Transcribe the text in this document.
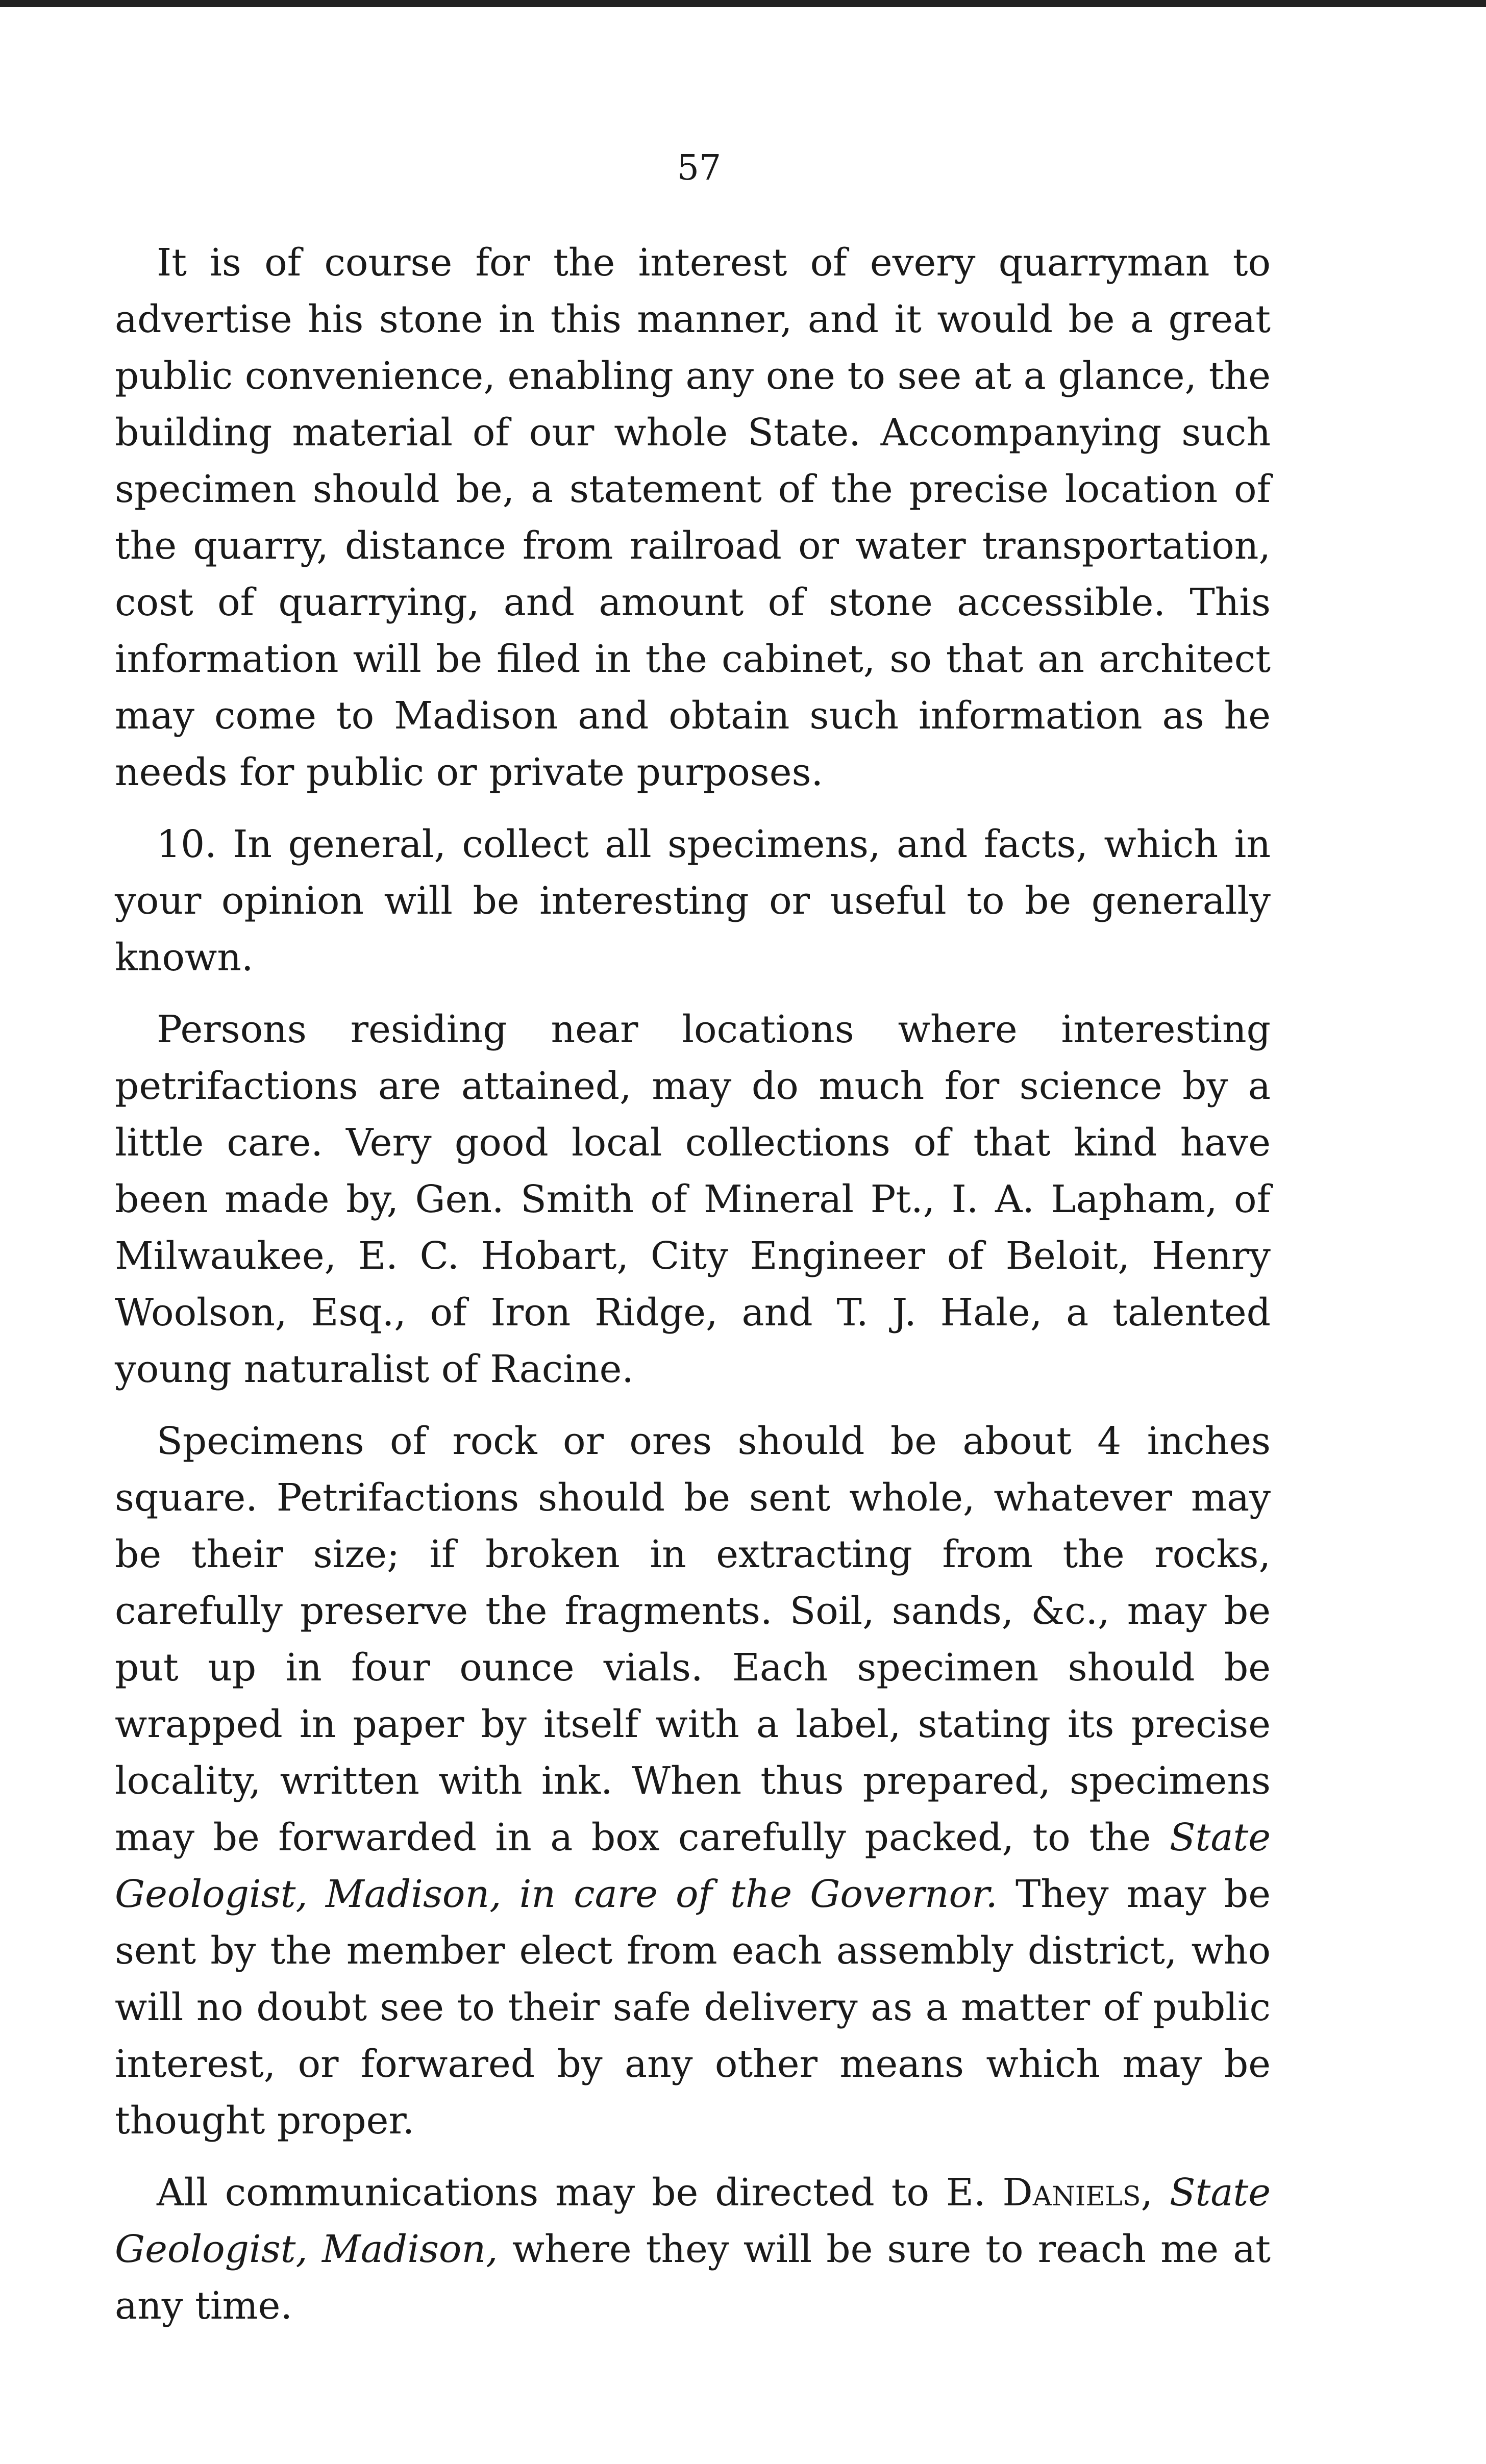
57

It is of course for the interest of every quarryman to advertise his stone in this manner, and it would be a great public convenience, enabling any one to see at a glance, the building material of our whole State. Accompanying such specimen should be, a statement of the precise location of the quarry, distance from railroad or water transportation, cost of quarrying, and amount of stone accessible. This information will be filed in the cabinet, so that an architect may come to Madison and obtain such information as he needs for public or private purposes.

10. In general, collect all specimens, and facts, which in your opinion will be interesting or useful to be generally known.

Persons residing near locations where interesting petrifactions are attained, may do much for science by a little care. Very good local collections of that kind have been made by, Gen. Smith of Mineral Pt., I. A. Lapham, of Milwaukee, E. C. Hobart, City Engineer of Beloit, Henry Woolson, Esq., of Iron Ridge, and T. J. Hale, a talented young naturalist of Racine.

Specimens of rock or ores should be about 4 inches square. Petrifactions should be sent whole, whatever may be their size; if broken in extracting from the rocks, carefully preserve the fragments. Soil, sands, &c., may be put up in four ounce vials. Each specimen should be wrapped in paper by itself with a label, stating its precise locality, written with ink. When thus prepared, specimens may be forwarded in a box carefully packed, to the State Geologist, Madison, in care of the Governor. They may be sent by the member elect from each assembly district, who will no doubt see to their safe delivery as a matter of public interest, or forwared by any other means which may be thought proper.

All communications may be directed to E. Daniels, State Geologist, Madison, where they will be sure to reach me at any time.
